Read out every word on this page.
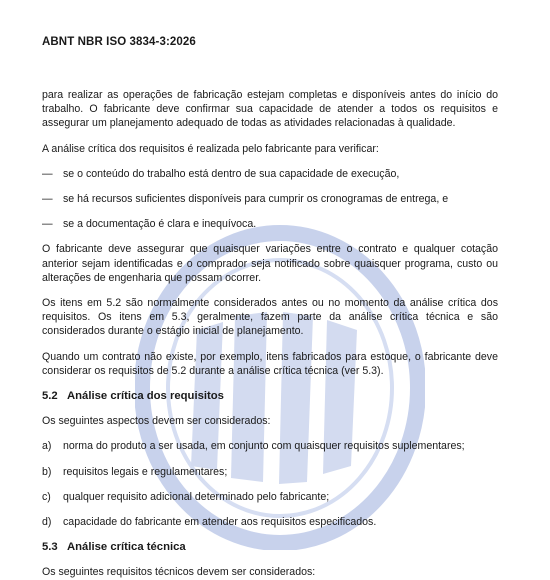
ABNT NBR ISO 3834-3:2026

para realizar as operações de fabricação estejam completas e disponíveis antes do início do trabalho. O fabricante deve confirmar sua capacidade de atender a todos os requisitos e assegurar um planejamento adequado de todas as atividades relacionadas à qualidade.

A análise crítica dos requisitos é realizada pelo fabricante para verificar:

— se o conteúdo do trabalho está dentro de sua capacidade de execução,
— se há recursos suficientes disponíveis para cumprir os cronogramas de entrega, e
— se a documentação é clara e inequívoca.

O fabricante deve assegurar que quaisquer variações entre o contrato e qualquer cotação anterior sejam identificadas e o comprador seja notificado sobre quaisquer programa, custo ou alterações de engenharia que possam ocorrer.

Os itens em 5.2 são normalmente considerados antes ou no momento da análise crítica dos requisitos. Os itens em 5.3, geralmente, fazem parte da análise crítica técnica e são considerados durante o estágio inicial de planejamento.

Quando um contrato não existe, por exemplo, itens fabricados para estoque, o fabricante deve considerar os requisitos de 5.2 durante a análise crítica técnica (ver 5.3).

5.2 Análise crítica dos requisitos

Os seguintes aspectos devem ser considerados:

a)	norma do produto a ser usada, em conjunto com quaisquer requisitos suplementares;
b)	requisitos legais e regulamentares;
c)	qualquer requisito adicional determinado pelo fabricante;
d)	capacidade do fabricante em atender aos requisitos especificados.
5.3 Análise crítica técnica

Os seguintes requisitos técnicos devem ser considerados:
